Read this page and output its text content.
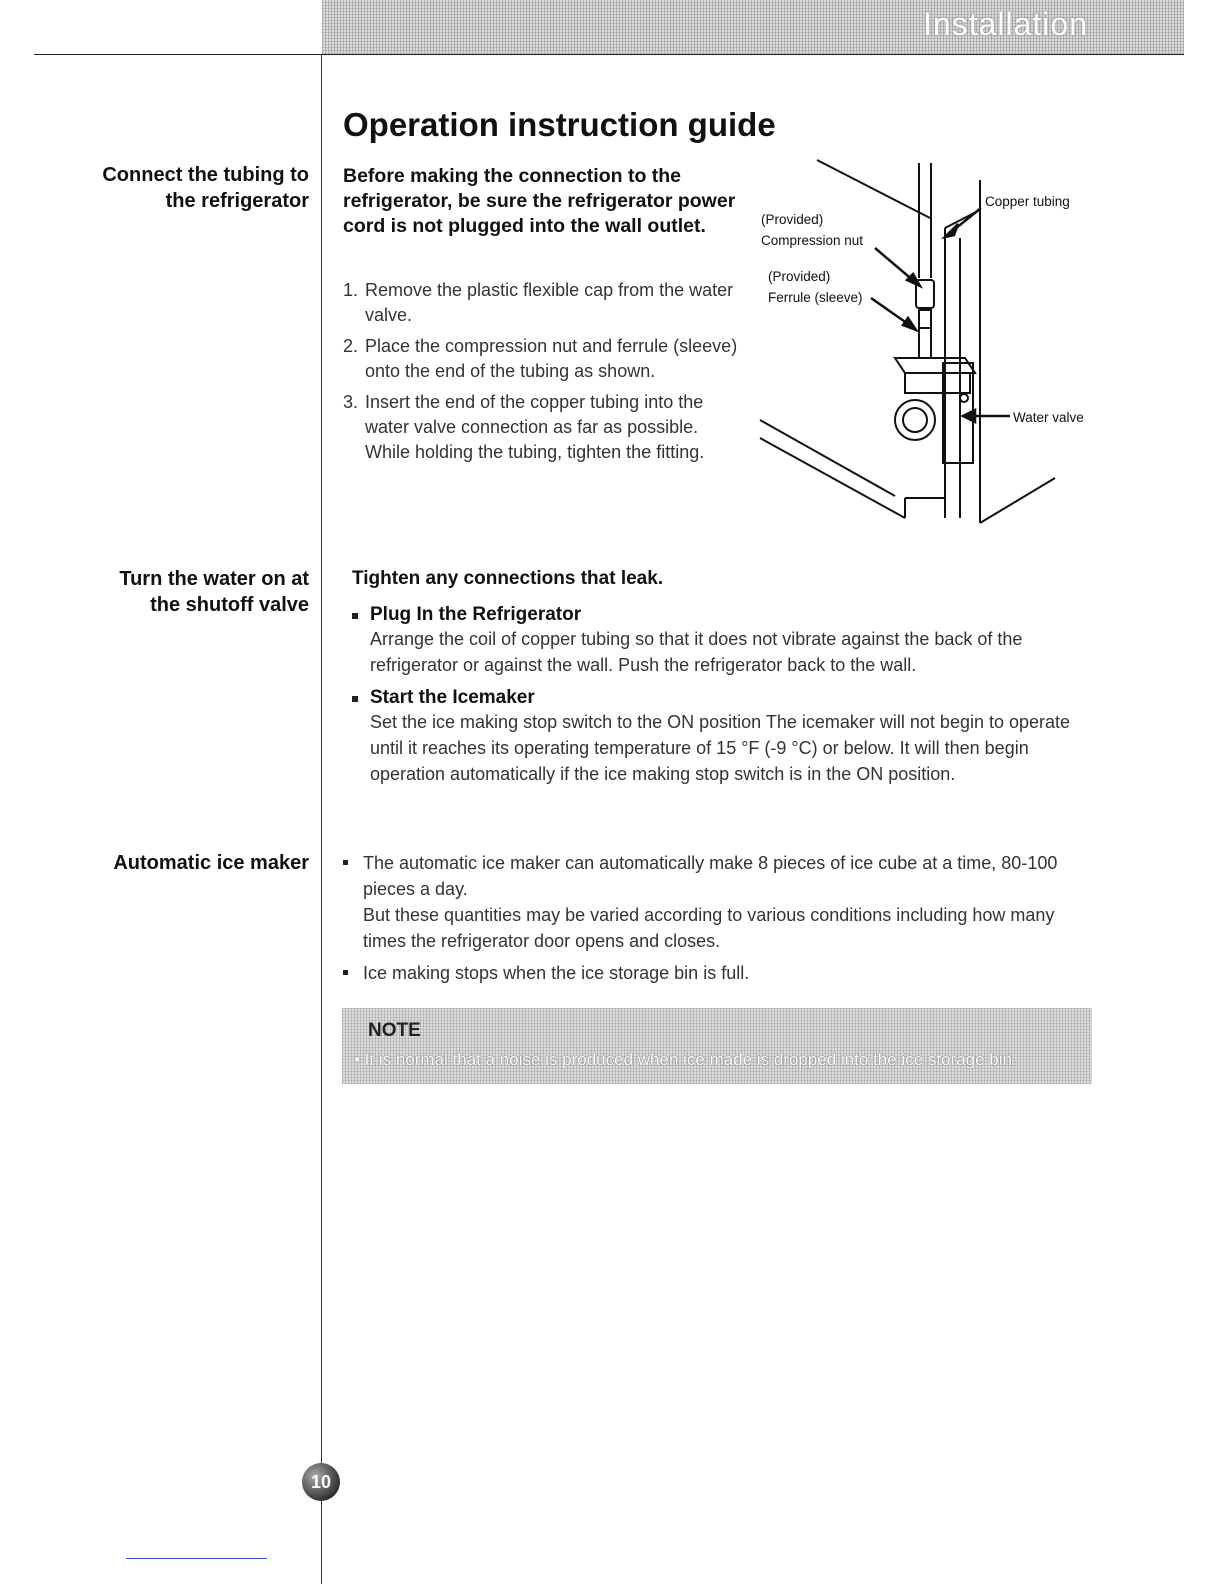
Installation
Operation instruction guide
Connect the tubing to
the refrigerator
Before making the connection to the refrigerator, be sure the refrigerator power cord is not plugged into the wall outlet.
1. Remove the plastic flexible cap from the water valve.
2. Place the compression nut and ferrule (sleeve) onto the end of the tubing as shown.
3. Insert the end of the copper tubing into the water valve connection as far as possible. While holding the tubing, tighten the fitting.
Copper tubing
(Provided)
Compression nut
(Provided)
Ferrule (sleeve)
Water valve
Turn the water on at
the shutoff valve
Tighten any connections that leak.
Plug In the Refrigerator
Arrange the coil of copper tubing so that it does not vibrate against the back of the refrigerator or against the wall. Push the refrigerator back to the wall.
Start the Icemaker
Set the ice making stop switch to the ON position The icemaker will not begin to operate until it reaches its operating temperature of 15 °F (-9 °C) or below. It will then begin operation automatically if the ice making stop switch is in the ON position.
Automatic ice maker	The automatic ice maker can automatically make 8 pieces of ice cube at a time, 80-100 pieces a day.
But these quantities may be varied according to various conditions including how many times the refrigerator door opens and closes.
Ice making stops when the ice storage bin is full.
NOTE
• It is normal that a noise is produced when ice made is dropped into the ice storage bin.
10
